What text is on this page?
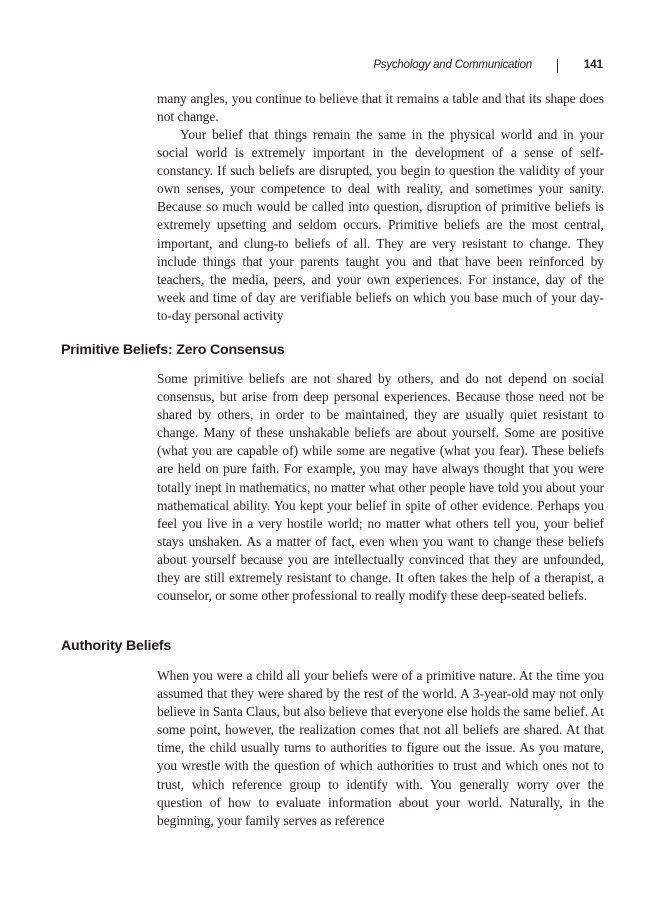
Psychology and Communication	141

many angles, you continue to believe that it remains a table and that its shape does not change.

Your belief that things remain the same in the physical world and in your social world is extremely important in the development of a sense of self-constancy. If such beliefs are disrupted, you begin to question the validity of your own senses, your competence to deal with reality, and sometimes your sanity. Because so much would be called into question, disruption of primitive beliefs is extremely upsetting and seldom occurs. Primitive beliefs are the most central, important, and clung-to beliefs of all. They are very resistant to change. They include things that your parents taught you and that have been reinforced by teachers, the media, peers, and your own experiences. For instance, day of the week and time of day are verifiable beliefs on which you base much of your day-to-day personal activity

Primitive Beliefs: Zero Consensus

Some primitive beliefs are not shared by others, and do not depend on social consensus, but arise from deep personal experiences. Because those need not be shared by others, in order to be maintained, they are usually quiet resistant to change. Many of these unshakable beliefs are about yourself. Some are positive (what you are capable of) while some are negative (what you fear). These beliefs are held on pure faith. For example, you may have always thought that you were totally inept in mathematics, no matter what other people have told you about your mathematical ability. You kept your belief in spite of other evidence. Perhaps you feel you live in a very hostile world; no matter what others tell you, your belief stays unshaken. As a matter of fact, even when you want to change these beliefs about yourself because you are intellectually convinced that they are unfounded, they are still extremely resistant to change. It often takes the help of a therapist, a counselor, or some other professional to really modify these deep-seated beliefs.

Authority Beliefs

When you were a child all your beliefs were of a primitive nature. At the time you assumed that they were shared by the rest of the world. A 3-year-old may not only believe in Santa Claus, but also believe that everyone else holds the same belief. At some point, however, the realization comes that not all beliefs are shared. At that time, the child usually turns to authorities to figure out the issue. As you mature, you wrestle with the question of which authorities to trust and which ones not to trust, which reference group to identify with. You generally worry over the question of how to evaluate information about your world. Naturally, in the beginning, your family serves as reference
